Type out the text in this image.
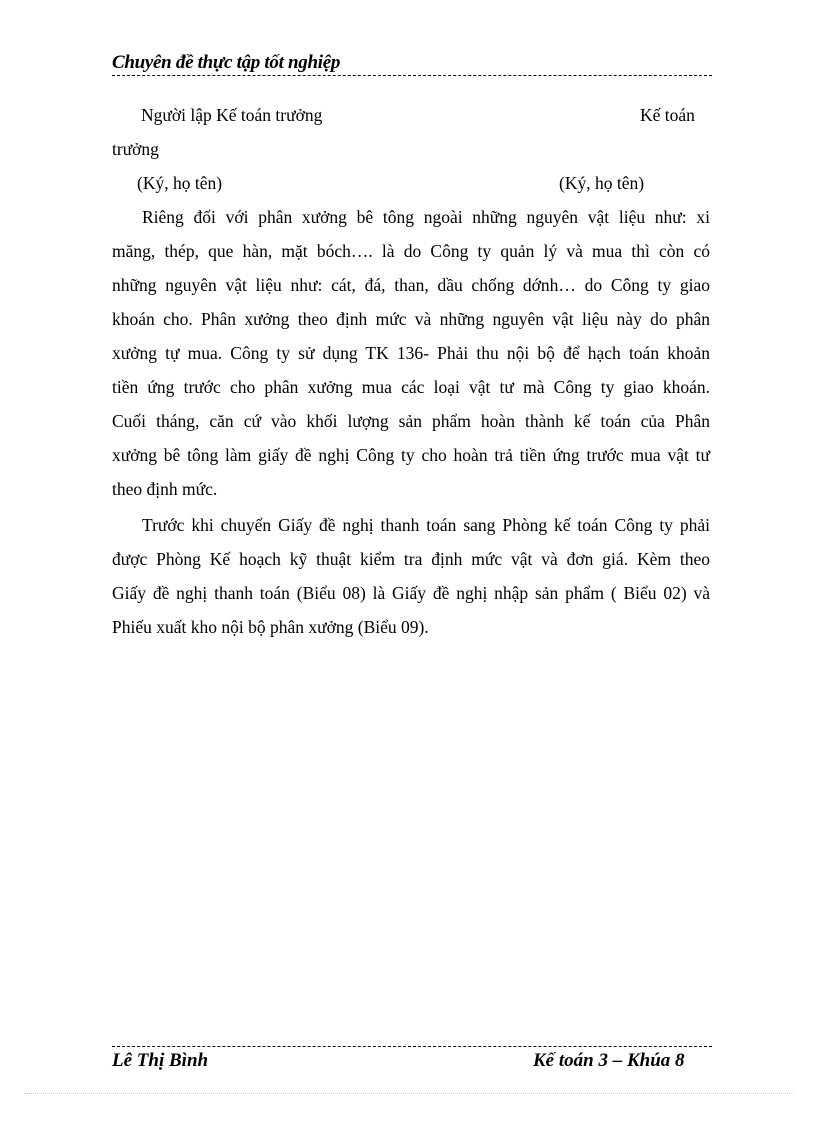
Chuyên đề thực tập tốt nghiệp
Người lập Kế toán trưởng	Kế toán
trưởng
(Ký, họ tên)	(Ký, họ tên)
Riêng đối với phân xưởng bê tông ngoài những nguyên vật liệu như: xi
măng, thép, que hàn, mặt bóch…. là do Công ty quản lý và mua thì còn có
những nguyên vật liệu như: cát, đá, than, dầu chống dớnh… do Công ty giao
khoán cho. Phân xưởng theo định mức và những nguyên vật liệu này do phân
xưởng tự mua. Công ty sử dụng TK 136- Phải thu nội bộ để hạch toán khoản
tiền ứng trước cho phân xưởng mua các loại vật tư mà Công ty giao khoán.
Cuối tháng, căn cứ vào khối lượng sản phẩm hoàn thành kế toán của Phân
xưởng bê tông làm giấy đề nghị Công ty cho hoàn trả tiền ứng trước mua vật tư
theo định mức.
Trước khi chuyển Giấy đề nghị thanh toán sang Phòng kế toán Công ty phải
được Phòng Kế hoạch kỹ thuật kiểm tra định mức vật và đơn giá. Kèm theo
Giấy đề nghị thanh toán (Biểu 08) là Giấy đề nghị nhập sản phẩm ( Biểu 02) và
Phiếu xuất kho nội bộ phân xưởng (Biểu 09).
Lê Thị Bình	Kế toán 3 – Khúa 8
